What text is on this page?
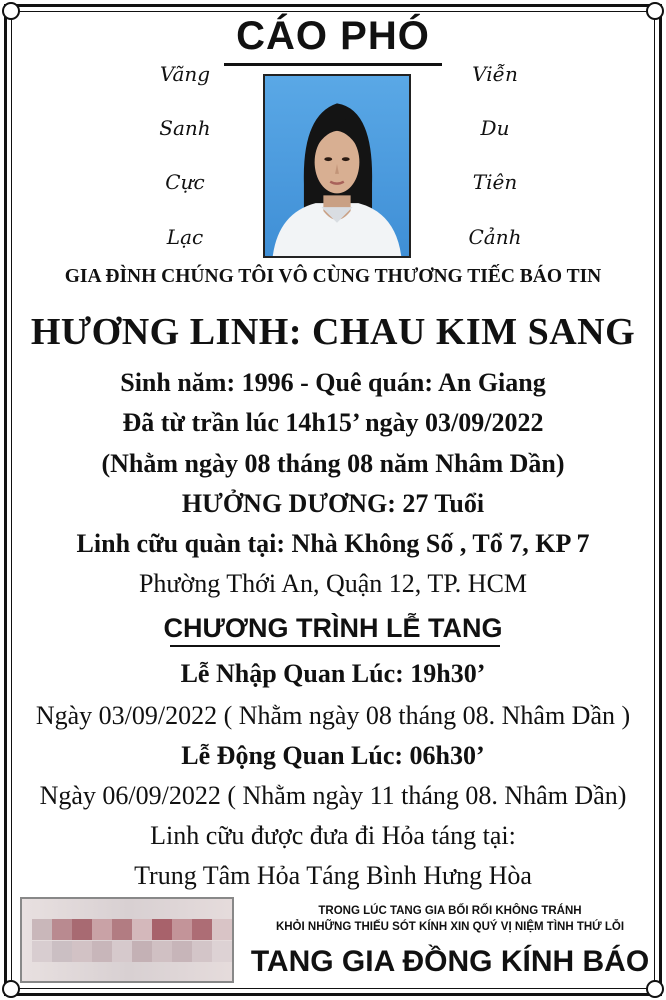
CÁO PHÓ
Vãng
Sanh
Cực
Lạc
Viễn
Du
Tiên
Cảnh
GIA ĐÌNH CHÚNG TÔI VÔ CÙNG THƯƠNG TIẾC BÁO TIN
HƯƠNG LINH: CHAU KIM SANG
Sinh năm: 1996 - Quê quán: An Giang
Đã từ trần lúc 14h15’ ngày 03/09/2022
(Nhằm ngày 08 tháng 08 năm Nhâm Dần)
HƯỞNG DƯƠNG: 27 Tuổi
Linh cữu quàn tại: Nhà Không Số , Tổ 7, KP 7
Phường Thới An, Quận 12, TP. HCM
CHƯƠNG TRÌNH LỄ TANG
Lễ Nhập Quan Lúc: 19h30’
Ngày 03/09/2022 ( Nhằm ngày 08 tháng 08. Nhâm Dần )
Lễ Động Quan Lúc: 06h30’
Ngày 06/09/2022 ( Nhằm ngày 11 tháng 08. Nhâm Dần)
Linh cữu được đưa đi Hỏa táng tại:
Trung Tâm Hỏa Táng Bình Hưng Hòa
TRONG LÚC TANG GIA BỐI RỐI KHÔNG TRÁNH
KHỎI NHỮNG THIẾU SÓT KÍNH XIN QUÝ VỊ NIỆM TÌNH THỨ LỖI
TANG GIA ĐỒNG KÍNH BÁO
